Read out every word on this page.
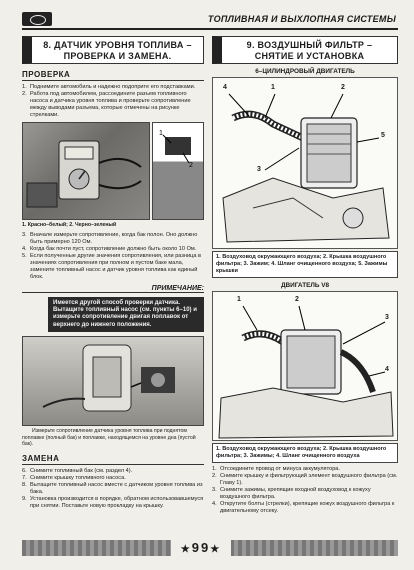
ТОПЛИВНАЯ И ВЫХЛОПНАЯ СИСТЕМЫ
8. ДАТЧИК УРОВНЯ ТОПЛИВА –
ПРОВЕРКА И ЗАМЕНА.
ПРОВЕРКА
1. Поднимите автомобиль и надежно подоприте его подставками.
2. Работа под автомобилем, рассоедините разъем топливного насоса и датчика уровня топлива и проверьте сопротивление между выводами разъема, которые отмечены на рисунке стрелками.
1
2
1. Красно–белый; 2. Черно–зеленый
3. Вначале измерьте сопротивление, когда бак полон. Оно должно быть примерно 120 Ом.
4. Когда бак почти пуст, сопротивление должно быть около 10 Ом.
5. Если полученные другие значения сопротивления, или разница в значениях сопротивления при полном и пустом баке мала, замените топливный насос и датчик уровня топлива как единый блок.
ПРИМЕЧАНИЕ:
Имеется другой способ проверки датчика. Вытащите топливный насос (см. пункты 6–10) и измерьте сопротивление двигая поплавок от верхнего до нижнего положения.
Измерьте сопротивление датчика уровня топлива при поднятом поплавке (полный бак) и поплавке, находящемся на уровне дна (пустой бак).
ЗАМЕНА
6. Снимите топливный бак (см. раздел 4).
7. Снимите крышку топливного насоса.
8. Вытащите топливный насос вместе с датчиком уровня топлива из бака.
9. Установка производится в порядке, обратном использовавшемуся при снятии. Поставьте новую прокладку на крышку.
9. ВОЗДУШНЫЙ ФИЛЬТР –
СНЯТИЕ И УСТАНОВКА
6–ЦИЛИНДРОВЫЙ ДВИГАТЕЛЬ
4	1	2
5
3
1. Воздуховод окружающего воздуха; 2. Крышка воздушного фильтра; 3. Зажим; 4. Шланг очищенного воздуха; 5. Зажимы крышки
ДВИГАТЕЛЬ V8
1	2
3
4
1. Воздуховод окружающего воздуха; 2. Крышка воздушного фильтра; 3. Зажимы; 4. Шланг очищенного воздуха
1. Отсоедините провод от минуса аккумулятора.
2. Снимите крышку и фильтрующий элемент воздушного фильтра (см. Главу 1).
3. Снимите зажимы, крепящие входной воздуховод к кожуху воздушного фильтра.
4. Открутите болты (стрелки), крепящие кожух воздушного фильтра к двигательному отсеку.
★99★
